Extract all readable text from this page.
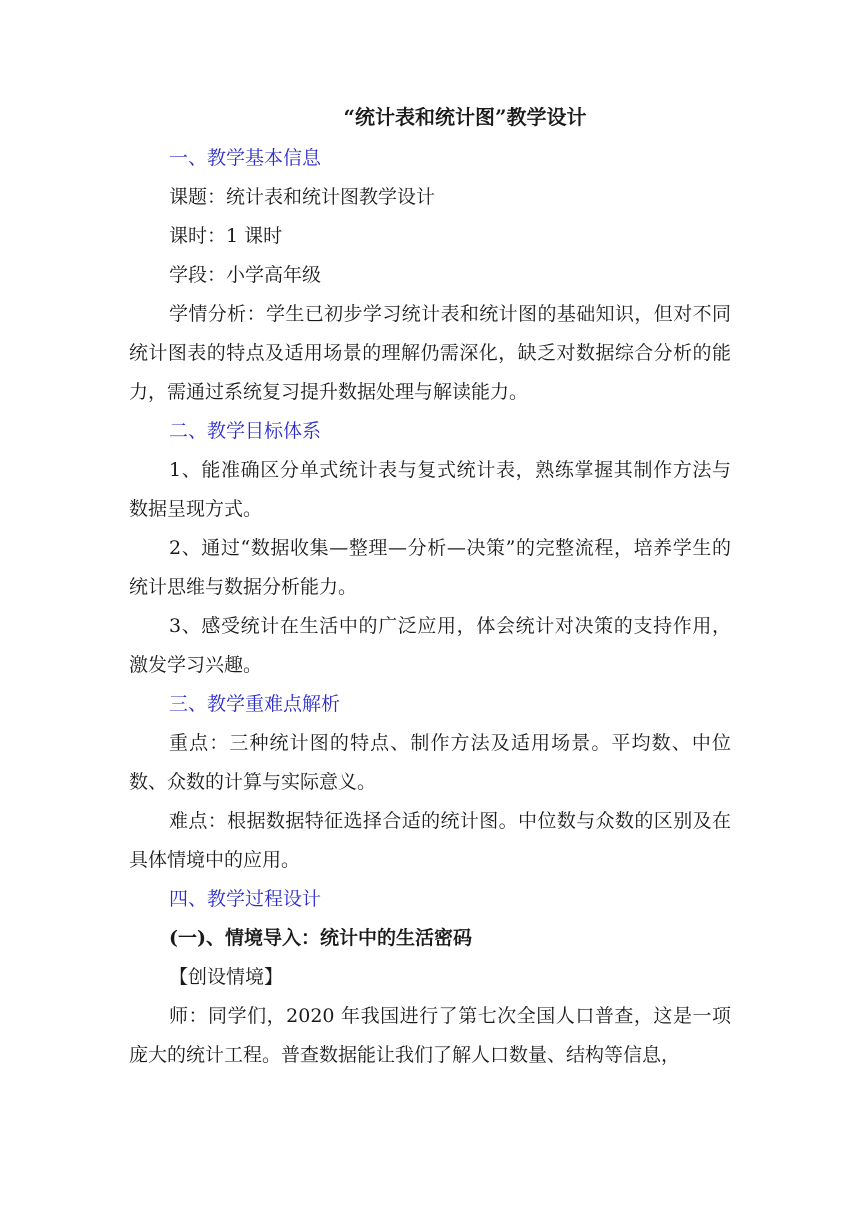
“统计表和统计图”教学设计

一、教学基本信息

课题：统计表和统计图教学设计

课时：1 课时

学段：小学高年级

学情分析：学生已初步学习统计表和统计图的基础知识，但对不同统计图表的特点及适用场景的理解仍需深化，缺乏对数据综合分析的能力，需通过系统复习提升数据处理与解读能力。

二、教学目标体系

1、能准确区分单式统计表与复式统计表，熟练掌握其制作方法与数据呈现方式。

2、通过“数据收集—整理—分析—决策”的完整流程，培养学生的统计思维与数据分析能力。

3、感受统计在生活中的广泛应用，体会统计对决策的支持作用，激发学习兴趣。

三、教学重难点解析

重点：三种统计图的特点、制作方法及适用场景。平均数、中位数、众数的计算与实际意义。

难点：根据数据特征选择合适的统计图。中位数与众数的区别及在具体情境中的应用。

四、教学过程设计

(一)、情境导入：统计中的生活密码

【创设情境】

师：同学们，2020 年我国进行了第七次全国人口普查，这是一项庞大的统计工程。普查数据能让我们了解人口数量、结构等信息，
